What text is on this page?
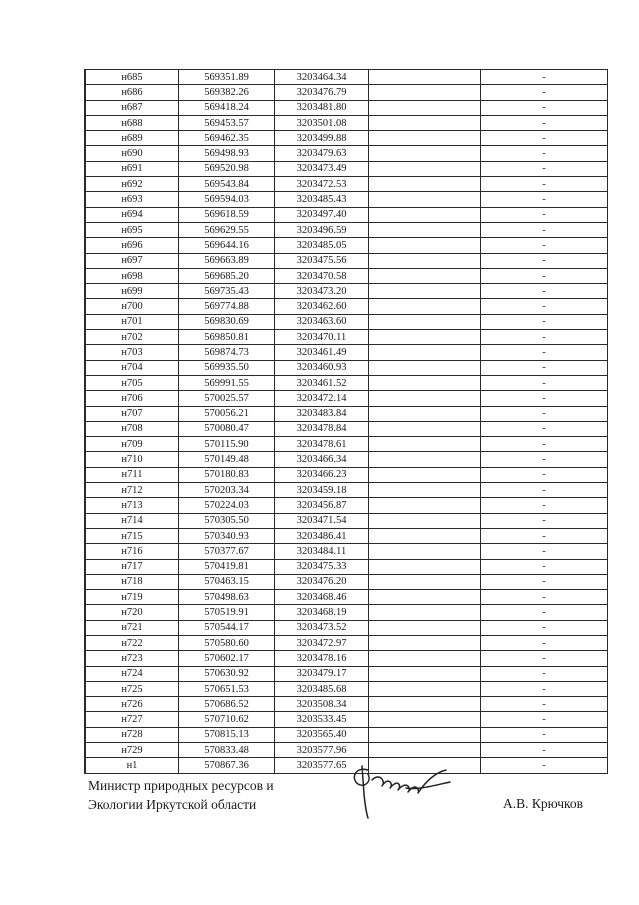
н685	569351.89	3203464.34		-
н686	569382.26	3203476.79		-
н687	569418.24	3203481.80		-
н688	569453.57	3203501.08		-
н689	569462.35	3203499.88		-
н690	569498.93	3203479.63		-
н691	569520.98	3203473.49		-
н692	569543.84	3203472.53		-
н693	569594.03	3203485.43		-
н694	569618.59	3203497.40		-
н695	569629.55	3203496.59		-
н696	569644.16	3203485.05		-
н697	569663.89	3203475.56		-
н698	569685.20	3203470.58		-
н699	569735.43	3203473.20		-
н700	569774.88	3203462.60		-
н701	569830.69	3203463.60		-
н702	569850.81	3203470.11		-
н703	569874.73	3203461.49		-
н704	569935.50	3203460.93		-
н705	569991.55	3203461.52		-
н706	570025.57	3203472.14		-
н707	570056.21	3203483.84		-
н708	570080.47	3203478.84		-
н709	570115.90	3203478.61		-
н710	570149.48	3203466.34		-
н711	570180.83	3203466.23		-
н712	570203.34	3203459.18		-
н713	570224.03	3203456.87		-
н714	570305.50	3203471.54		-
н715	570340.93	3203486.41		-
н716	570377.67	3203484.11		-
н717	570419.81	3203475.33		-
н718	570463.15	3203476.20		-
н719	570498.63	3203468.46		-
н720	570519.91	3203468.19		-
н721	570544.17	3203473.52		-
н722	570580.60	3203472.97		-
н723	570602.17	3203478.16		-
н724	570630.92	3203479.17		-
н725	570651.53	3203485.68		-
н726	570686.52	3203508.34		-
н727	570710.62	3203533.45		-
н728	570815.13	3203565.40		-
н729	570833.48	3203577.96		-
н1	570867.36	3203577.65		-
Министр природных ресурсов и
Экологии Иркутской области	А.В. Крючков
